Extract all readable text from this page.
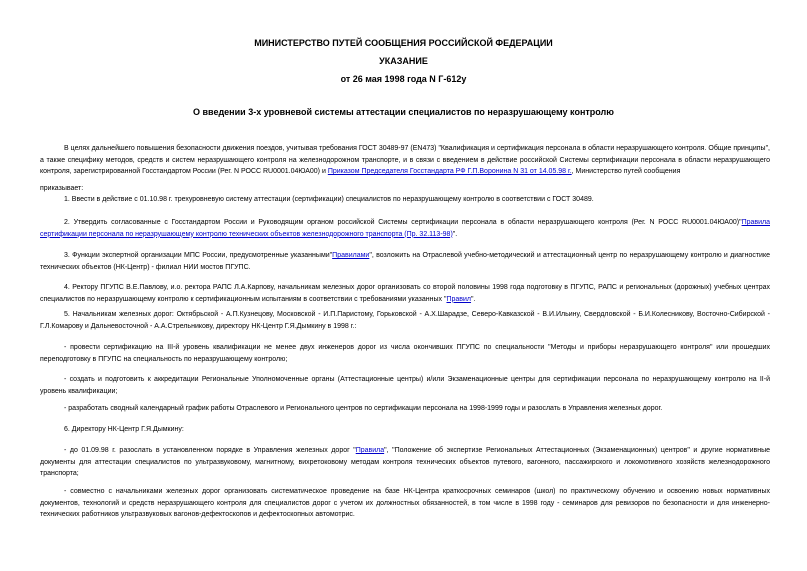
МИНИСТЕРСТВО ПУТЕЙ СООБЩЕНИЯ РОССИЙСКОЙ ФЕДЕРАЦИИ
УКАЗАНИЕ
от 26 мая 1998 года N Г-612у
О введении 3-х уровневой системы аттестации специалистов по неразрушающему контролю

В целях дальнейшего повышения безопасности движения поездов, учитывая требования ГОСТ 30489-97 (EN473) "Квалификация и сертификация персонала в области неразрушающего контроля. Общие принципы", а также специфику методов, средств и систем неразрушающего контроля на железнодорожном транспорте, и в связи с введением в действие российской Системы сертификации персонала в области неразрушающего контроля, зарегистрированной Госстандартом России (Рег. N РОСС RU0001.04ЮА00) и Приказом Председателя Госстандарта РФ Г.П.Воронина N 31 от 14.05.98 г., Министерство путей сообщения

приказывает:

1. Ввести в действие с 01.10.98 г. трехуровневую систему аттестации (сертификации) специалистов по неразрушающему контролю в соответствии с ГОСТ 30489.

2. Утвердить согласованные с Госстандартом России и Руководящим органом российской Системы сертификации персонала в области неразрушающего контроля (Рег. N РОСС RU0001.04ЮА00)"Правила сертификации персонала по неразрушающему контролю технических объектов железнодорожного транспорта (Пр. 32.113-98)".

3. Функции экспертной организации МПС России, предусмотренные указанными"Правилами", возложить на Отраслевой учебно-методический и аттестационный центр по неразрушающему контролю и диагностике технических объектов (НК-Центр) - филиал НИИ мостов ПГУПС.

4. Ректору ПГУПС В.Е.Павлову, и.о. ректора РАПС Л.А.Карпову, начальникам железных дорог организовать со второй половины 1998 года подготовку в ПГУПС, РАПС и региональных (дорожных) учебных центрах специалистов по неразрушающему контролю к сертификационным испытаниям в соответствии с требованиями указанных "Правил".

5. Начальникам железных дорог: Октябрьской - А.П.Кузнецову, Московской - И.П.Паристому, Горьковской - А.Х.Шарадзе, Северо-Кавказской - В.И.Ильину, Свердловской - Б.И.Колесникову, Восточно-Сибирской - Г.Л.Комарову и Дальневосточной - А.А.Стрельникову, директору НК-Центр Г.Я.Дымкину в 1998 г.:

- провести сертификацию на III-й уровень квалификации не менее двух инженеров дорог из числа окончивших ПГУПС по специальности "Методы и приборы неразрушающего контроля" или прошедших переподготовку в ПГУПС на специальность по неразрушающему контролю;

- создать и подготовить к аккредитации Региональные Уполномоченные органы (Аттестационные центры) и/или Экзаменационные центры для сертификации персонала по неразрушающему контролю на II-й уровень квалификации;

- разработать сводный календарный график работы Отраслевого и Регионального центров по сертификации персонала на 1998-1999 годы и разослать в Управления железных дорог.

6. Директору НК-Центр Г.Я.Дымкину:

- до 01.09.98 г. разослать в установленном порядке в Управления железных дорог "Правила", "Положение об экспертизе Региональных Аттестационных (Экзаменационных) центров" и другие нормативные документы для аттестации специалистов по ультразвуковому, магнитному, вихретоковому методам контроля технических объектов путевого, вагонного, пассажирского и локомотивного хозяйств железнодорожного транспорта;

- совместно с начальниками железных дорог организовать систематическое проведение на базе НК-Центра краткосрочных семинаров (школ) по практическому обучению и освоению новых нормативных документов, технологий и средств неразрушающего контроля для специалистов дорог с учетом их должностных обязанностей, в том числе в 1998 году - семинаров для ревизоров по безопасности и для инженерно-технических работников ультразвуковых вагонов-дефектоскопов и дефектоскопных автомотрис.
